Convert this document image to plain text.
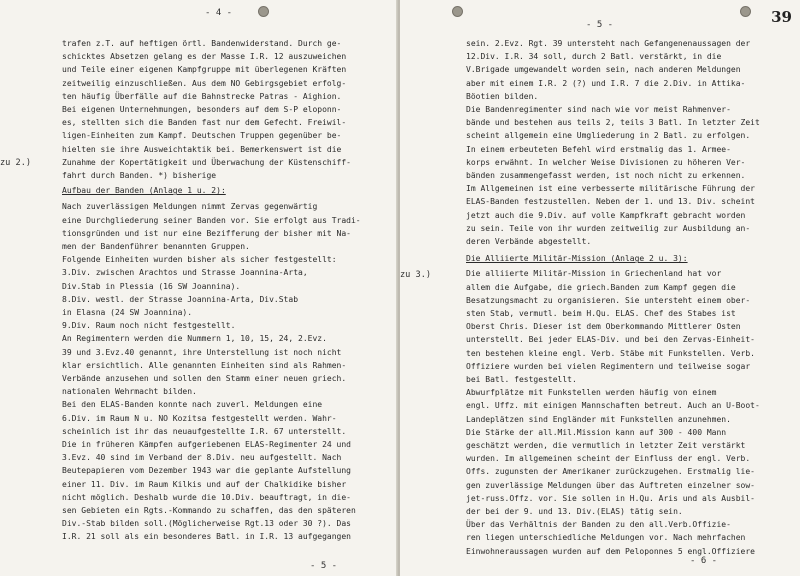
- 4 -
zu 2.)
trafen z.T. auf heftigen örtl. Bandenwiderstand. Durch ge-
schicktes Absetzen gelang es der Masse I.R. 12 auszuweichen
und Teile einer eigenen Kampfgruppe mit überlegenen Kräften
zeitweilig einzuschließen. Aus dem NO Gebirgsgebiet erfolg-
ten häufig Überfälle auf die Bahnstrecke Patras - Aighion.
Bei eigenen Unternehmungen, besonders auf dem S-P eloponn-
es, stellten sich die Banden fast nur dem Gefecht. Freiwil-
ligen-Einheiten zum Kampf. Deutschen Truppen gegenüber be-
hielten sie ihre Ausweichtaktik bei. Bemerkenswert ist die
Zunahme der Kopertätigkeit und Überwachung der Küstenschiff-
fahrt durch Banden. *) bisherige
Aufbau der Banden (Anlage 1 u. 2):
Nach zuverlässigen Meldungen nimmt Zervas gegenwärtig
eine Durchgliederung seiner Banden vor. Sie erfolgt aus Tradi-
tionsgründen und ist nur eine Bezifferung der bisher mit Na-
men der Bandenführer benannten Gruppen.
Folgende Einheiten wurden bisher als sicher festgestellt:
3.Div. zwischen Arachtos und Strasse Joannina-Arta,
Div.Stab in Plessia (16 SW Joannina).
8.Div. westl. der Strasse Joannina-Arta, Div.Stab
in Elasna (24 SW Joannina).
9.Div. Raum noch nicht festgestellt.
An Regimentern werden die Nummern 1, 10, 15, 24, 2.Evz.
39 und 3.Evz.40 genannt, ihre Unterstellung ist noch nicht
klar ersichtlich. Alle genannten Einheiten sind als Rahmen-
Verbände anzusehen und sollen den Stamm einer neuen griech.
nationalen Wehrmacht bilden.
Bei den ELAS-Banden konnte nach zuverl. Meldungen eine
6.Div. im Raum N u. NO Kozitsa festgestellt werden. Wahr-
scheinlich ist ihr das neuaufgestellte I.R. 67 unterstellt.
Die in früheren Kämpfen aufgeriebenen ELAS-Regimenter 24 und
3.Evz. 40 sind im Verband der 8.Div. neu aufgestellt. Nach
Beutepapieren vom Dezember 1943 war die geplante Aufstellung
einer 11. Div. im Raum Kilkis und auf der Chalkidike bisher
nicht möglich. Deshalb wurde die 10.Div. beauftragt, in die-
sen Gebieten ein Rgts.-Kommando zu schaffen, das den späteren
Div.-Stab bilden soll.(Möglicherweise Rgt.13 oder 30 ?). Das
I.R. 21 soll als ein besonderes Batl. in I.R. 13 aufgegangen
- 5 -
- 5 -	39
zu 3.)
sein. 2.Evz. Rgt. 39 untersteht nach Gefangenenaussagen der
12.Div. I.R. 34 soll, durch 2 Batl. verstärkt, in die
V.Brigade umgewandelt worden sein, nach anderen Meldungen
aber mit einem I.R. 2 (?) und I.R. 7 die 2.Div. in Attika-
Böotien bilden.
Die Bandenregimenter sind nach wie vor meist Rahmenver-
bände und bestehen aus teils 2, teils 3 Batl. In letzter Zeit
scheint allgemein eine Umgliederung in 2 Batl. zu erfolgen.
In einem erbeuteten Befehl wird erstmalig das 1. Armee-
korps erwähnt. In welcher Weise Divisionen zu höheren Ver-
bänden zusammengefasst werden, ist noch nicht zu erkennen.
Im Allgemeinen ist eine verbesserte militärische Führung der
ELAS-Banden festzustellen. Neben der 1. und 13. Div. scheint
jetzt auch die 9.Div. auf volle Kampfkraft gebracht worden
zu sein. Teile von ihr wurden zeitweilig zur Ausbildung an-
deren Verbände abgestellt.
Die Alliierte Militär-Mission (Anlage 2 u. 3):
Die alliierte Militär-Mission in Griechenland hat vor
allem die Aufgabe, die griech.Banden zum Kampf gegen die
Besatzungsmacht zu organisieren. Sie untersteht einem ober-
sten Stab, vermutl. beim H.Qu. ELAS. Chef des Stabes ist
Oberst Chris. Dieser ist dem Oberkommando Mittlerer Osten
unterstellt. Bei jeder ELAS-Div. und bei den Zervas-Einheit-
ten bestehen kleine engl. Verb. Stäbe mit Funkstellen. Verb.
Offiziere wurden bei vielen Regimentern und teilweise sogar
bei Batl. festgestellt.
Abwurfplätze mit Funkstellen werden häufig von einem
engl. Uffz. mit einigen Mannschaften betreut. Auch an U-Boot-
Landeplätzen sind Engländer mit Funkstellen anzunehmen.
Die Stärke der all.Mil.Mission kann auf 300 - 400 Mann
geschätzt werden, die vermutlich in letzter Zeit verstärkt
wurden. Im allgemeinen scheint der Einfluss der engl. Verb.
Offs. zugunsten der Amerikaner zurückzugehen. Erstmalig lie-
gen zuverlässige Meldungen über das Auftreten einzelner sow-
jet-russ.Offz. vor. Sie sollen in H.Qu. Aris und als Ausbil-
der bei der 9. und 13. Div.(ELAS) tätig sein.
Über das Verhältnis der Banden zu den all.Verb.Offizie-
ren liegen unterschiedliche Meldungen vor. Nach mehrfachen
Einwohneraussagen wurden auf dem Peloponnes 5 engl.Offiziere
- 6 -
